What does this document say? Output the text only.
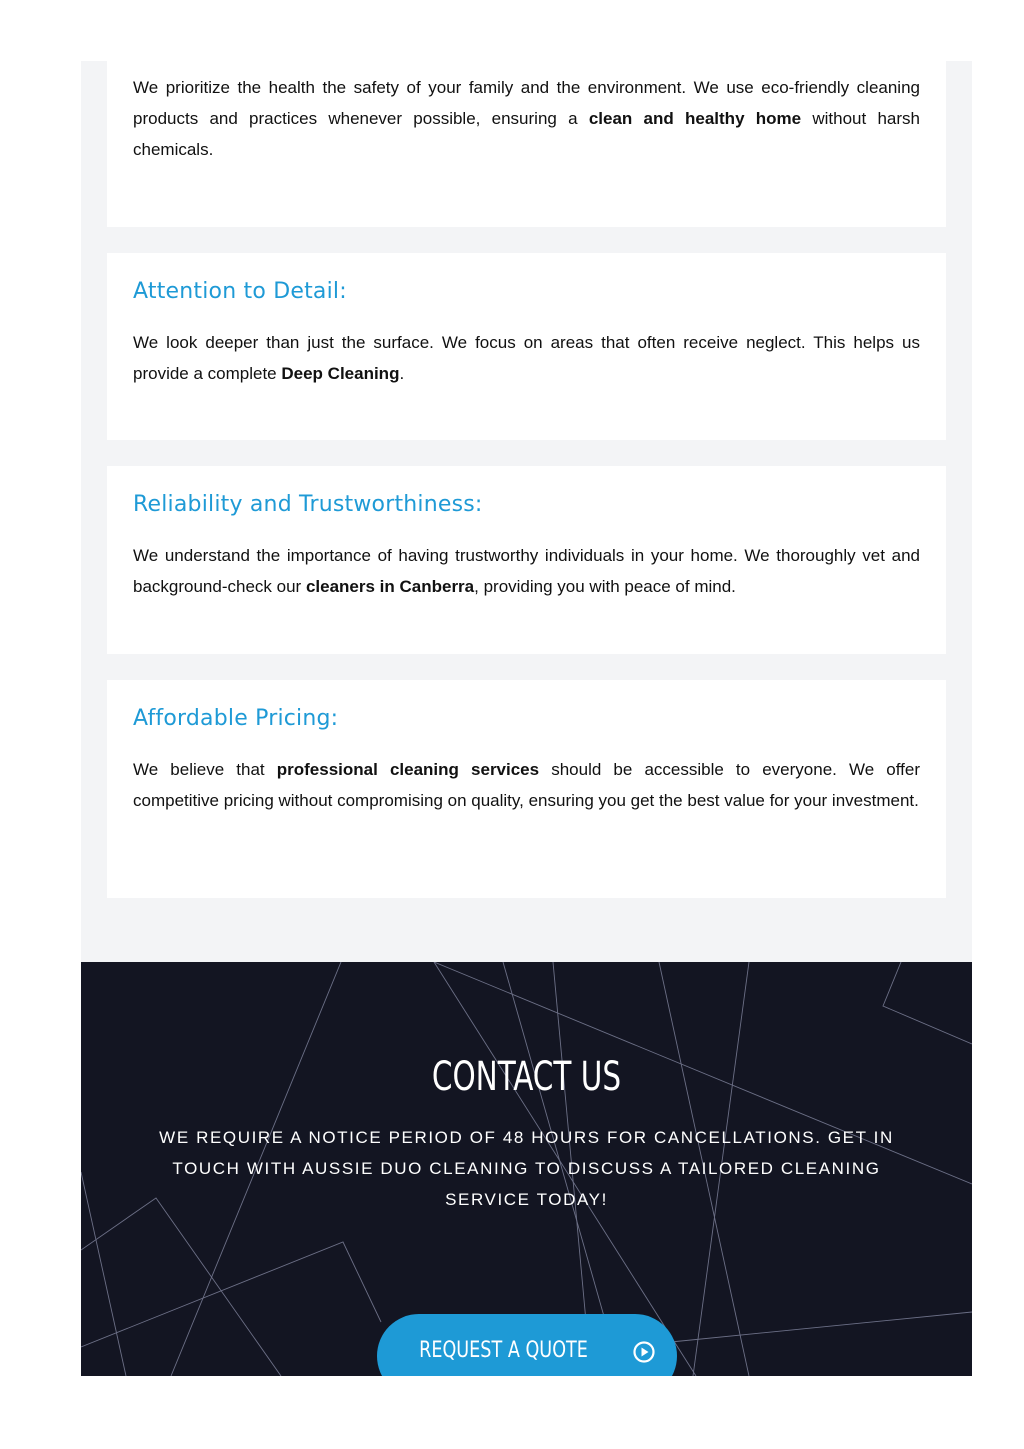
We prioritize the health the safety of your family and the environment. We use eco-friendly cleaning products and practices whenever possible, ensuring a clean and healthy home without harsh chemicals.

Attention to Detail:

We look deeper than just the surface. We focus on areas that often receive neglect. This helps us provide a complete Deep Cleaning.

Reliability and Trustworthiness:

We understand the importance of having trustworthy individuals in your home. We thoroughly vet and background-check our cleaners in Canberra, providing you with peace of mind.

Affordable Pricing:

We believe that professional cleaning services should be accessible to everyone. We offer competitive pricing without compromising on quality, ensuring you get the best value for your investment.

CONTACT US

WE REQUIRE A NOTICE PERIOD OF 48 HOURS FOR CANCELLATIONS. GET IN TOUCH WITH AUSSIE DUO CLEANING TO DISCUSS A TAILORED CLEANING SERVICE TODAY!

REQUEST A QUOTE
